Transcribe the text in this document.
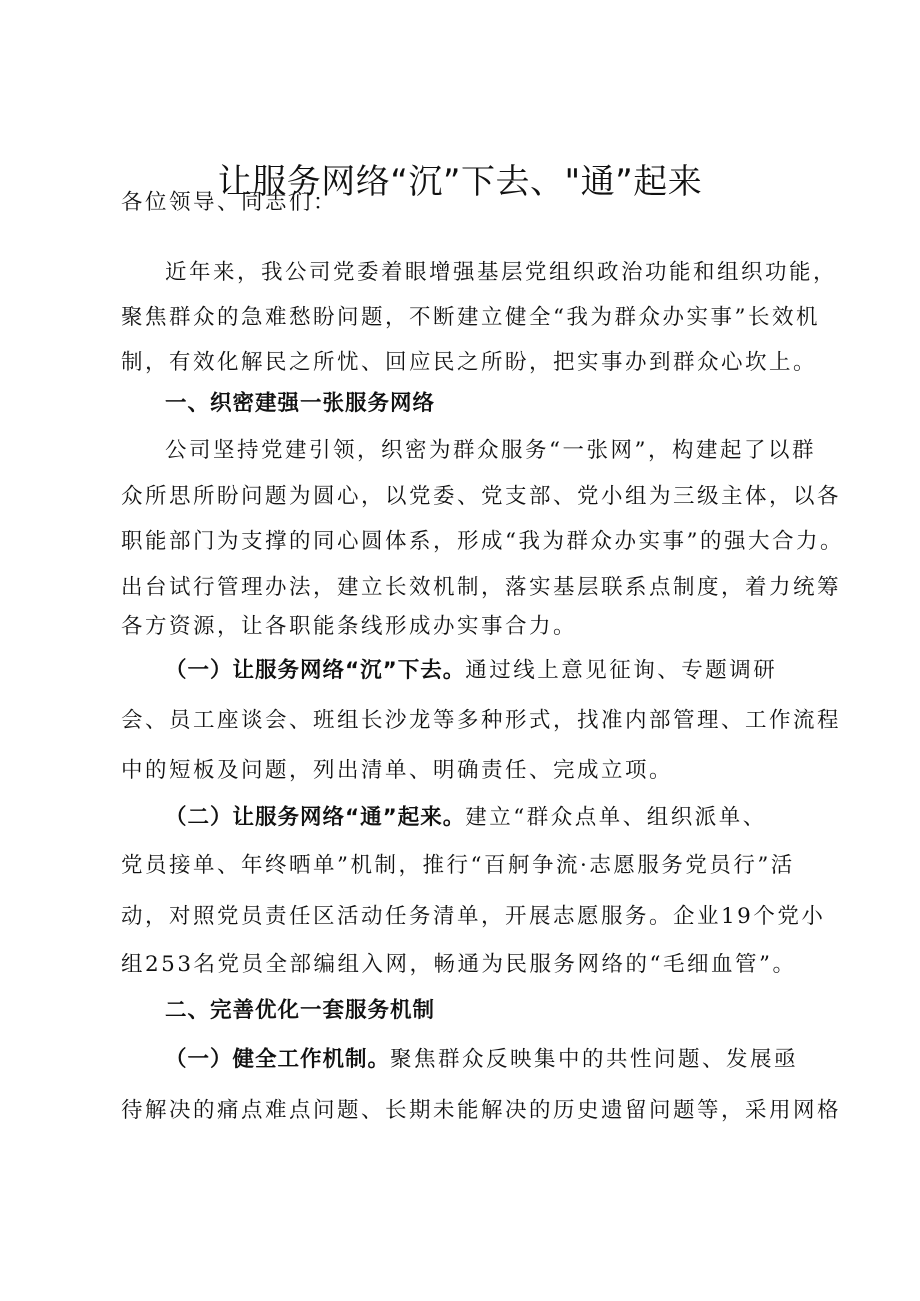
让服务网络“沉”下去、"通”起来
各位领导、同志们：
近年来，我公司党委着眼增强基层党组织政治功能和组织功能，
聚焦群众的急难愁盼问题，不断建立健全“我为群众办实事”长效机
制，有效化解民之所忧、回应民之所盼，把实事办到群众心坎上。
一、织密建强一张服务网络
公司坚持党建引领，织密为群众服务“一张网”，构建起了以群
众所思所盼问题为圆心，以党委、党支部、党小组为三级主体，以各
职能部门为支撑的同心圆体系，形成“我为群众办实事”的强大合力。
出台试行管理办法，建立长效机制，落实基层联系点制度，着力统筹
各方资源，让各职能条线形成办实事合力。
（一）让服务网络“沉”下去。通过线上意见征询、专题调研
会、员工座谈会、班组长沙龙等多种形式，找准内部管理、工作流程
中的短板及问题，列出清单、明确责任、完成立项。
（二）让服务网络“通”起来。建立“群众点单、组织派单、
党员接单、年终晒单”机制，推行“百舸争流·志愿服务党员行”活
动，对照党员责任区活动任务清单，开展志愿服务。企业19个党小
组253名党员全部编组入网，畅通为民服务网络的“毛细血管”。
二、完善优化一套服务机制
（一）健全工作机制。聚焦群众反映集中的共性问题、发展亟
待解决的痛点难点问题、长期未能解决的历史遗留问题等，采用网格
